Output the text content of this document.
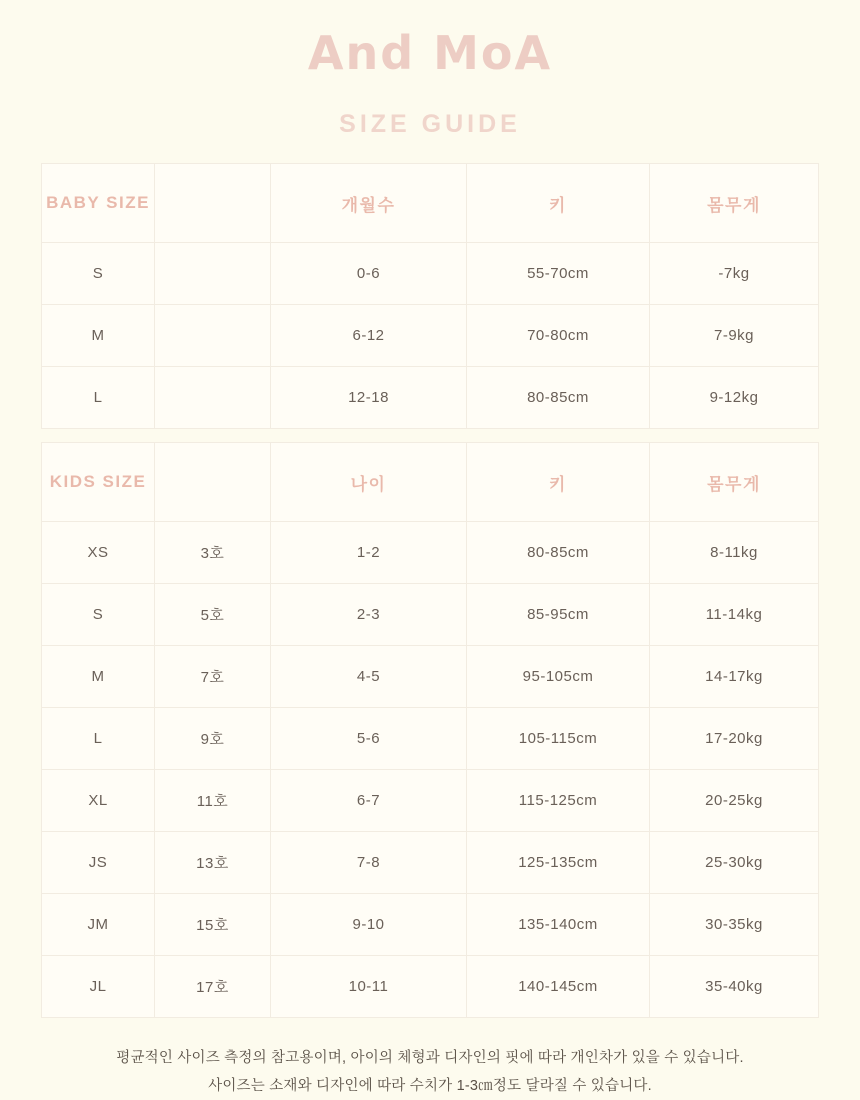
And MoA
SIZE GUIDE
BABY SIZE		개월수	키	몸무게
S		0-6	55-70cm	-7kg
M		6-12	70-80cm	7-9kg
L		12-18	80-85cm	9-12kg
KIDS SIZE		나이	키	몸무게
XS	3호	1-2	80-85cm	8-11kg
S	5호	2-3	85-95cm	11-14kg
M	7호	4-5	95-105cm	14-17kg
L	9호	5-6	105-115cm	17-20kg
XL	11호	6-7	115-125cm	20-25kg
JS	13호	7-8	125-135cm	25-30kg
JM	15호	9-10	135-140cm	30-35kg
JL	17호	10-11	140-145cm	35-40kg
평균적인 사이즈 측정의 참고용이며, 아이의 체형과 디자인의 핏에 따라 개인차가 있을 수 있습니다.
사이즈는 소재와 디자인에 따라 수치가 1-3㎝정도 달라질 수 있습니다.
